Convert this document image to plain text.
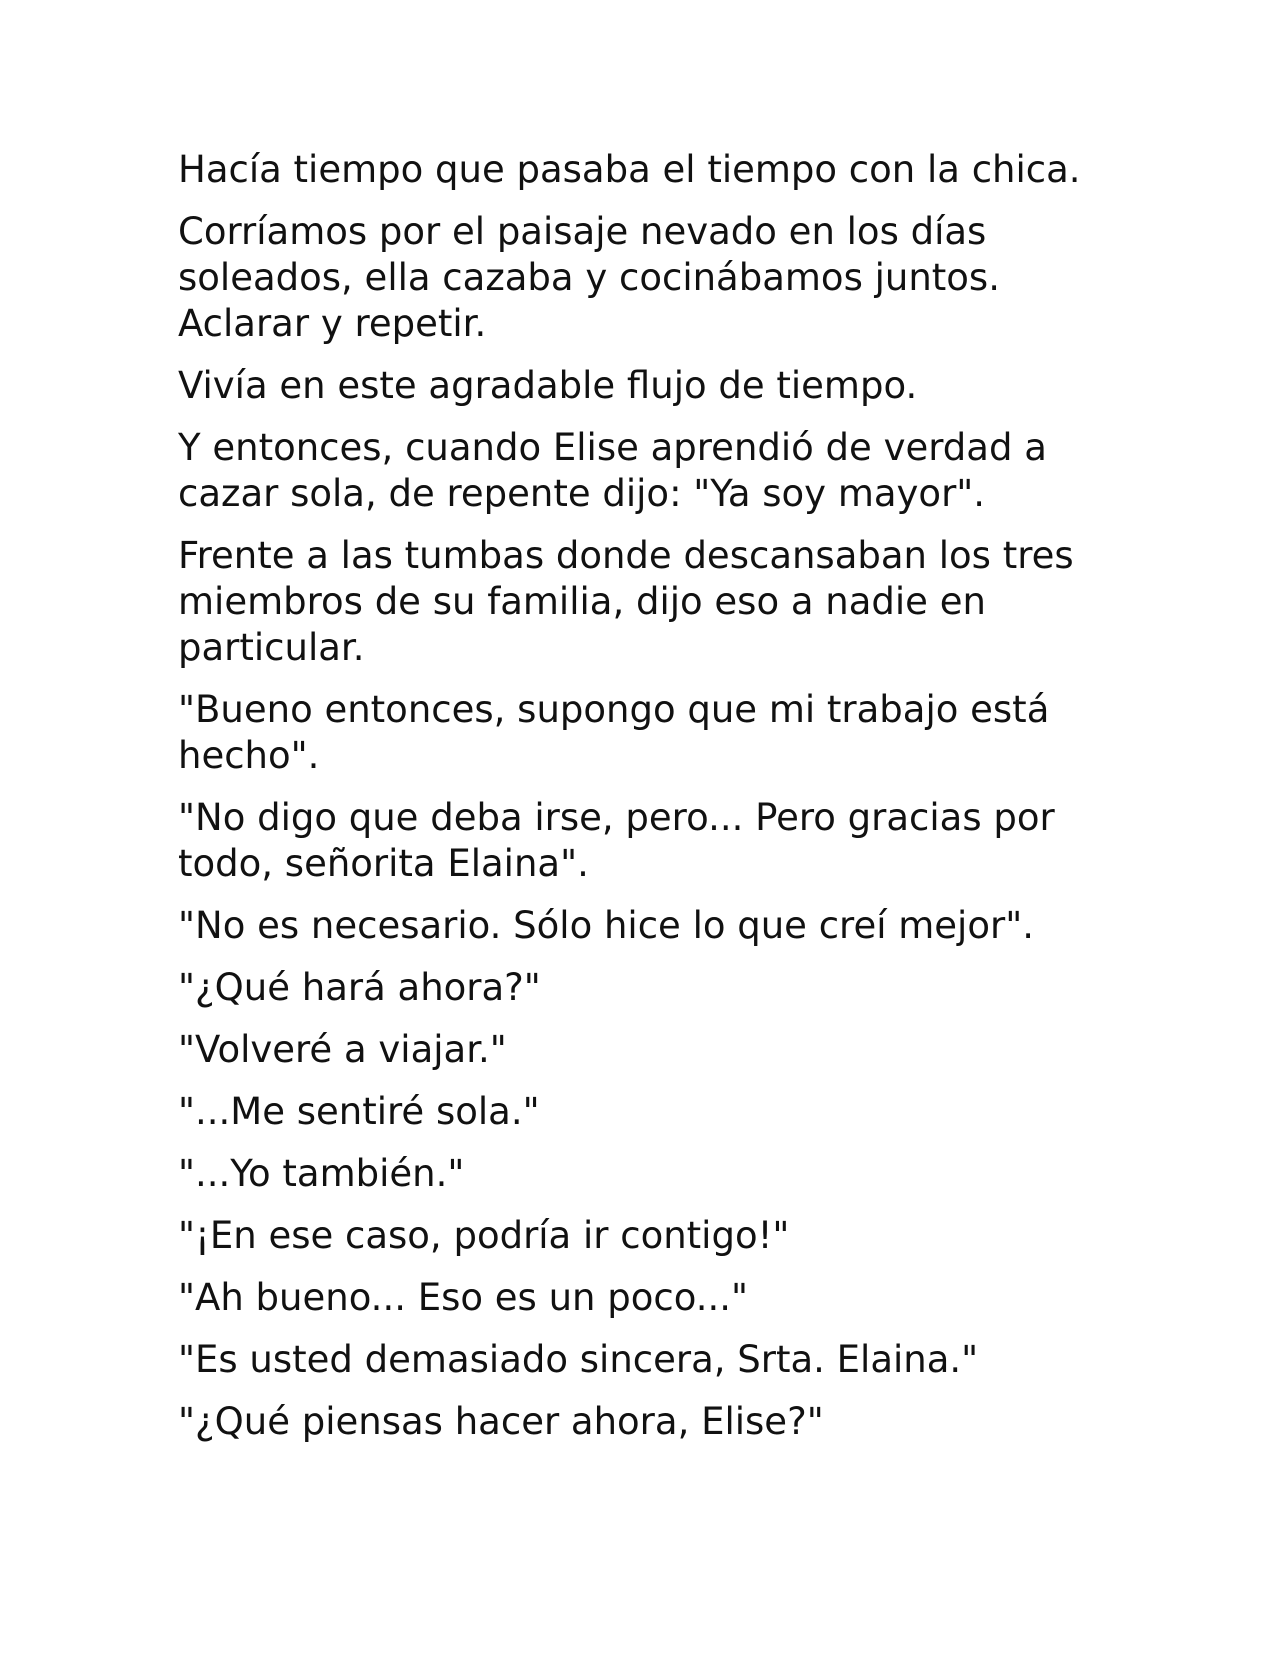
Hacía tiempo que pasaba el tiempo con la chica.

Corríamos por el paisaje nevado en los días soleados, ella cazaba y cocinábamos juntos. Aclarar y repetir.

Vivía en este agradable flujo de tiempo.

Y entonces, cuando Elise aprendió de verdad a cazar sola, de repente dijo: "Ya soy mayor".

Frente a las tumbas donde descansaban los tres miembros de su familia, dijo eso a nadie en particular.

"Bueno entonces, supongo que mi trabajo está hecho".

"No digo que deba irse, pero... Pero gracias por todo, señorita Elaina".

"No es necesario. Sólo hice lo que creí mejor".

"¿Qué hará ahora?"

"Volveré a viajar."

"...Me sentiré sola."

"...Yo también."

"¡En ese caso, podría ir contigo!"

"Ah bueno... Eso es un poco..."

"Es usted demasiado sincera, Srta. Elaina."

"¿Qué piensas hacer ahora, Elise?"
